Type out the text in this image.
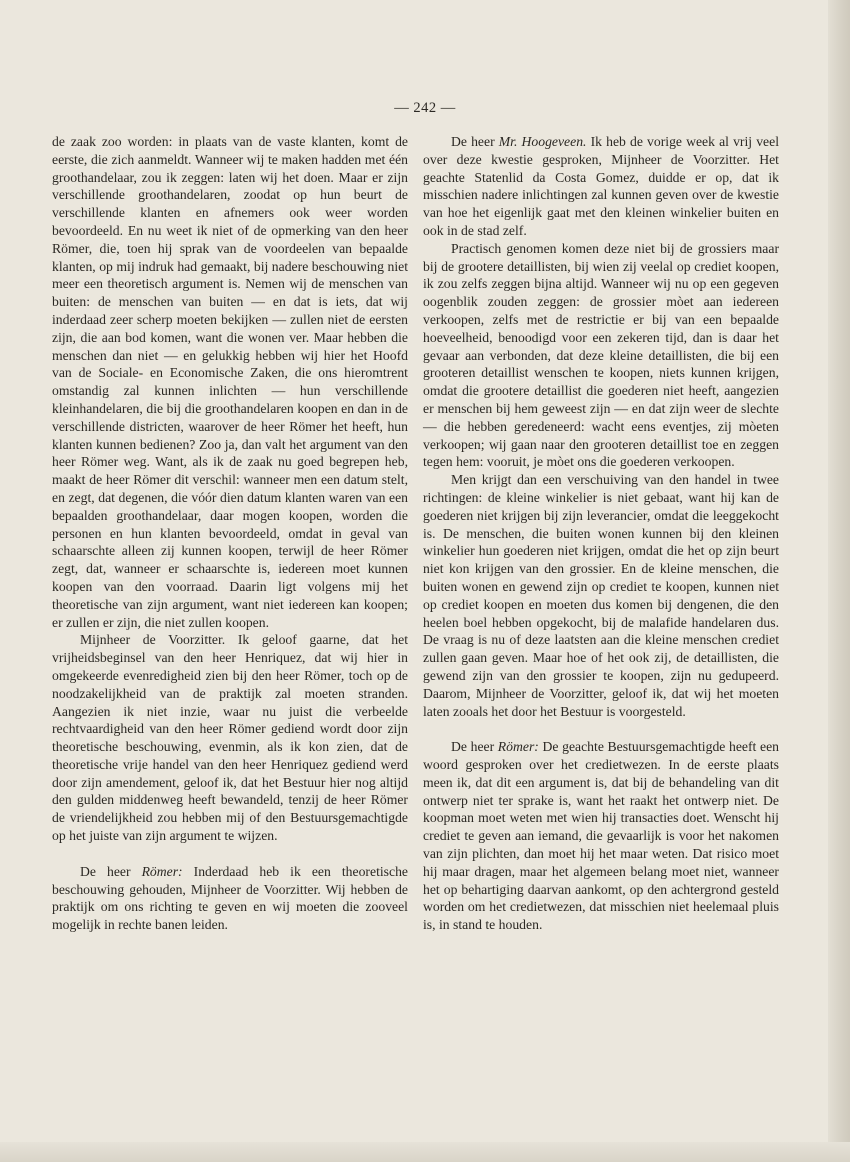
— 242 —

de zaak zoo worden: in plaats van de vaste klanten, komt de eerste, die zich aanmeldt. Wanneer wij te maken hadden met één groothandelaar, zou ik zeggen: laten wij het doen. Maar er zijn verschillende groothandelaren, zoodat op hun beurt de verschillende klanten en afnemers ook weer worden bevoordeeld. En nu weet ik niet of de opmerking van den heer Römer, die, toen hij sprak van de voordeelen van bepaalde klanten, op mij indruk had gemaakt, bij nadere beschouwing niet meer een theoretisch argument is. Nemen wij de menschen van buiten: de menschen van buiten — en dat is iets, dat wij inderdaad zeer scherp moeten bekijken — zullen niet de eersten zijn, die aan bod komen, want die wonen ver. Maar hebben die menschen dan niet — en gelukkig hebben wij hier het Hoofd van de Sociale- en Economische Zaken, die ons hieromtrent omstandig zal kunnen inlichten — hun verschillende kleinhandelaren, die bij die groothandelaren koopen en dan in de verschillende districten, waarover de heer Römer het heeft, hun klanten kunnen bedienen? Zoo ja, dan valt het argument van den heer Römer weg. Want, als ik de zaak nu goed begrepen heb, maakt de heer Römer dit verschil: wanneer men een datum stelt, en zegt, dat degenen, die vóór dien datum klanten waren van een bepaalden groothandelaar, daar mogen koopen, worden die personen en hun klanten bevoordeeld, omdat in geval van schaarschte alleen zij kunnen koopen, terwijl de heer Römer zegt, dat, wanneer er schaarschte is, iedereen moet kunnen koopen van den voorraad. Daarin ligt volgens mij het theoretische van zijn argument, want niet iedereen kan koopen; er zullen er zijn, die niet zullen koopen.

Mijnheer de Voorzitter. Ik geloof gaarne, dat het vrijheidsbeginsel van den heer Henriquez, dat wij hier in omgekeerde evenredigheid zien bij den heer Römer, toch op de noodzakelijkheid van de praktijk zal moeten stranden. Aangezien ik niet inzie, waar nu juist die verbeelde rechtvaardigheid van den heer Römer gediend wordt door zijn theoretische beschouwing, evenmin, als ik kon zien, dat de theoretische vrije handel van den heer Henriquez gediend werd door zijn amendement, geloof ik, dat het Bestuur hier nog altijd den gulden middenweg heeft bewandeld, tenzij de heer Römer de vriendelijkheid zou hebben mij of den Bestuursgemachtigde op het juiste van zijn argument te wijzen.

De heer Römer: Inderdaad heb ik een theoretische beschouwing gehouden, Mijnheer de Voorzitter. Wij hebben de praktijk om ons richting te geven en wij moeten die zooveel mogelijk in rechte banen leiden.

De heer Mr. Hoogeveen. Ik heb de vorige week al vrij veel over deze kwestie gesproken, Mijnheer de Voorzitter. Het geachte Statenlid da Costa Gomez, duidde er op, dat ik misschien nadere inlichtingen zal kunnen geven over de kwestie van hoe het eigenlijk gaat met den kleinen winkelier buiten en ook in de stad zelf.

Practisch genomen komen deze niet bij de grossiers maar bij de grootere detaillisten, bij wien zij veelal op crediet koopen, ik zou zelfs zeggen bijna altijd. Wanneer wij nu op een gegeven oogenblik zouden zeggen: de grossier mòet aan iedereen verkoopen, zelfs met de restrictie er bij van een bepaalde hoeveelheid, benoodigd voor een zekeren tijd, dan is daar het gevaar aan verbonden, dat deze kleine detaillisten, die bij een grooteren detaillist wenschen te koopen, niets kunnen krijgen, omdat die grootere detaillist die goederen niet heeft, aangezien er menschen bij hem geweest zijn — en dat zijn weer de slechte — die hebben geredeneerd: wacht eens eventjes, zij mòeten verkoopen; wij gaan naar den grooteren detaillist toe en zeggen tegen hem: vooruit, je mòet ons die goederen verkoopen.

Men krijgt dan een verschuiving van den handel in twee richtingen: de kleine winkelier is niet gebaat, want hij kan de goederen niet krijgen bij zijn leverancier, omdat die leeggekocht is. De menschen, die buiten wonen kunnen bij den kleinen winkelier hun goederen niet krijgen, omdat die het op zijn beurt niet kon krijgen van den grossier. En de kleine menschen, die buiten wonen en gewend zijn op crediet te koopen, kunnen niet op crediet koopen en moeten dus komen bij dengenen, die den heelen boel hebben opgekocht, bij de malafide handelaren dus. De vraag is nu of deze laatsten aan die kleine menschen crediet zullen gaan geven. Maar hoe of het ook zij, de detaillisten, die gewend zijn van den grossier te koopen, zijn nu gedupeerd. Daarom, Mijnheer de Voorzitter, geloof ik, dat wij het moeten laten zooals het door het Bestuur is voorgesteld.

De heer Römer: De geachte Bestuursgemachtigde heeft een woord gesproken over het credietwezen. In de eerste plaats meen ik, dat dit een argument is, dat bij de behandeling van dit ontwerp niet ter sprake is, want het raakt het ontwerp niet. De koopman moet weten met wien hij transacties doet. Wenscht hij crediet te geven aan iemand, die gevaarlijk is voor het nakomen van zijn plichten, dan moet hij het maar weten. Dat risico moet hij maar dragen, maar het algemeen belang moet niet, wanneer het op behartiging daarvan aankomt, op den achtergrond gesteld worden om het credietwezen, dat misschien niet heelemaal pluis is, in stand te houden.
